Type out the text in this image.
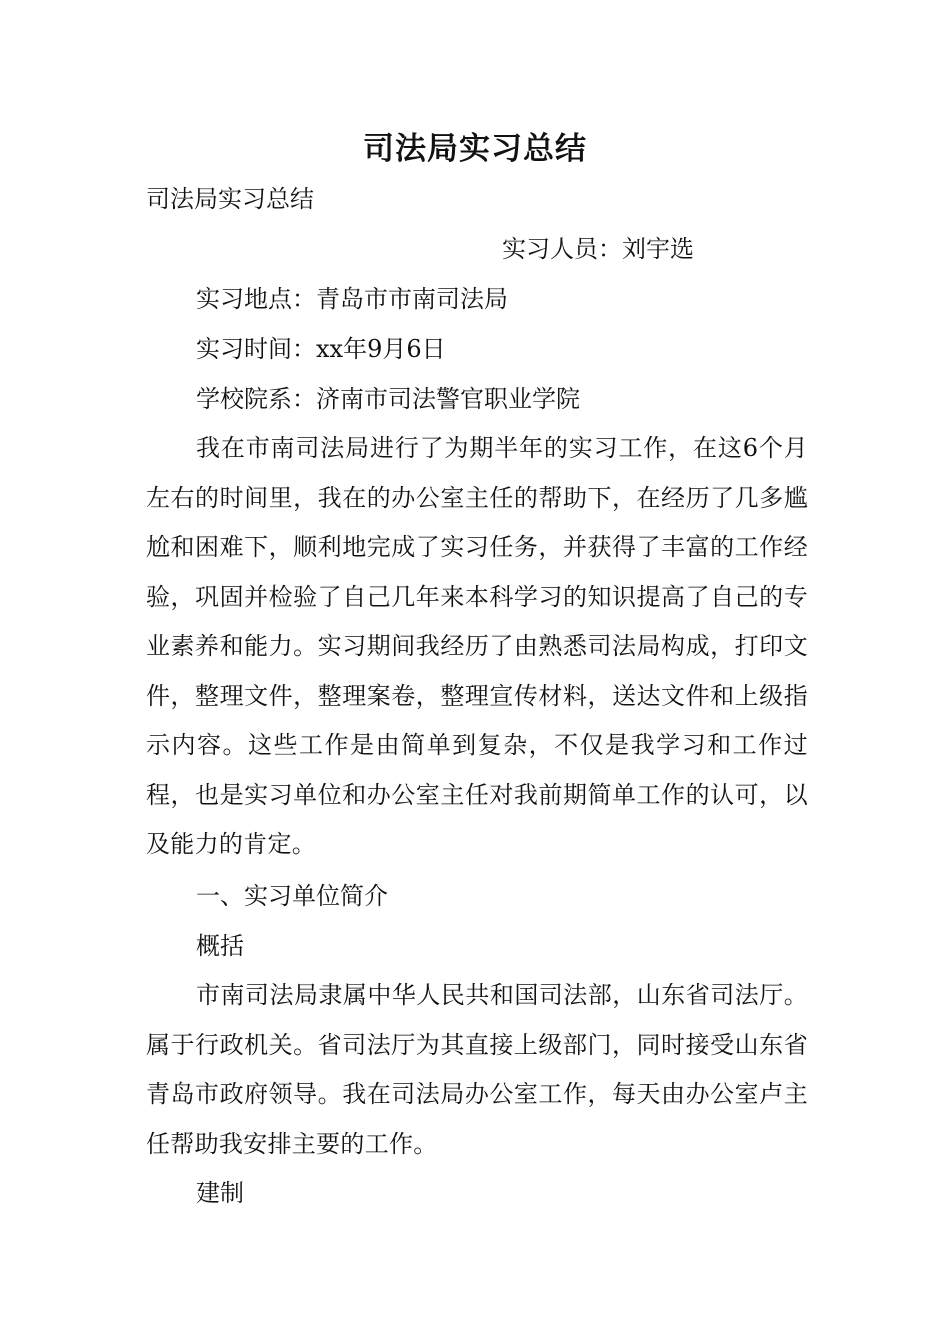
司法局实习总结
司法局实习总结
实习人员：刘宇选
实习地点：青岛市市南司法局
实习时间：xx年9月6日
学校院系：济南市司法警官职业学院
我在市南司法局进行了为期半年的实习工作，在这6个月左右的时间里，我在的办公室主任的帮助下，在经历了几多尴尬和困难下，顺利地完成了实习任务，并获得了丰富的工作经验，巩固并检验了自己几年来本科学习的知识提高了自己的专业素养和能力。实习期间我经历了由熟悉司法局构成，打印文件，整理文件，整理案卷，整理宣传材料，送达文件和上级指示内容。这些工作是由简单到复杂，不仅是我学习和工作过程，也是实习单位和办公室主任对我前期简单工作的认可，以及能力的肯定。
一、实习单位简介
概括
市南司法局隶属中华人民共和国司法部，山东省司法厅。属于行政机关。省司法厅为其直接上级部门，同时接受山东省青岛市政府领导。我在司法局办公室工作，每天由办公室卢主任帮助我安排主要的工作。
建制
